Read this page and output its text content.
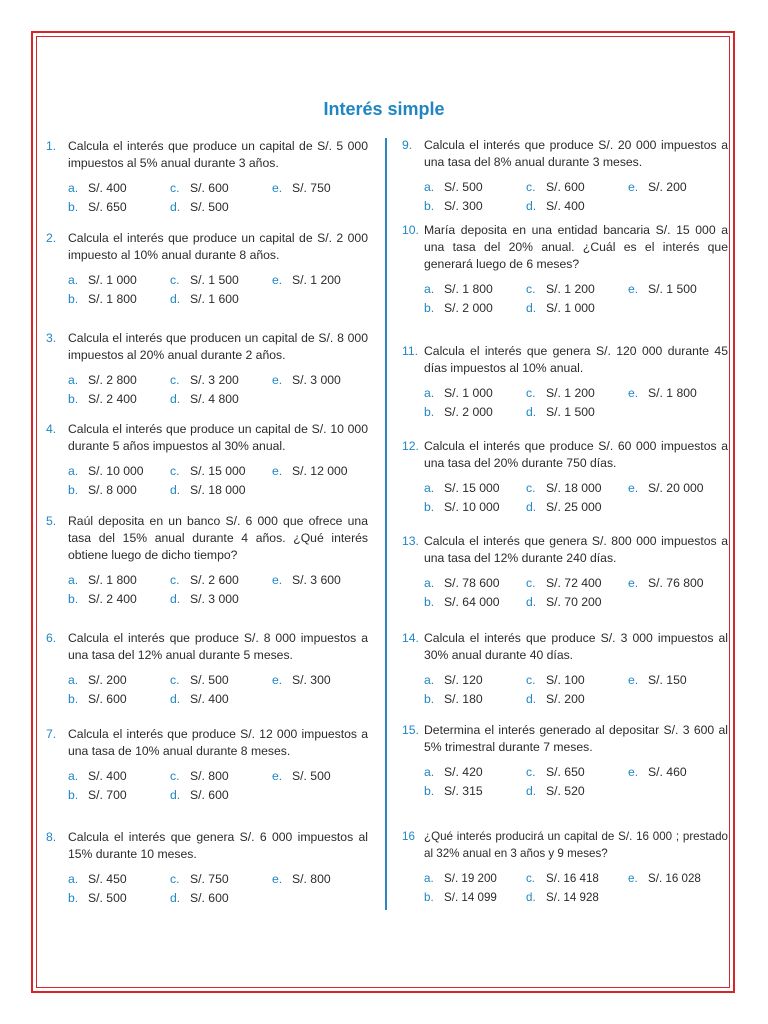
Interés simple
1. Calcula el interés que produce un capital de S/. 5 000 impuestos al 5% anual durante 3 años.
a. S/. 400	c. S/. 600	e. S/. 750
b. S/. 650	d. S/. 500
2. Calcula el interés que produce un capital de S/. 2 000 impuesto al 10% anual durante 8 años.
a. S/. 1 000	c. S/. 1 500	e. S/. 1 200
b. S/. 1 800	d. S/. 1 600
3. Calcula el interés que producen un capital de S/. 8 000 impuestos al 20% anual durante 2 años.
a. S/. 2 800	c. S/. 3 200	e. S/. 3 000
b. S/. 2 400	d. S/. 4 800
4. Calcula el interés que produce un capital de S/. 10 000 durante 5 años impuestos al 30% anual.
a. S/. 10 000	c. S/. 15 000	e. S/. 12 000
b. S/. 8 000	d. S/. 18 000
5. Raúl deposita en un banco S/. 6 000 que ofrece una tasa del 15% anual durante 4 años. ¿Qué interés obtiene luego de dicho tiempo?
a. S/. 1 800	c. S/. 2 600	e. S/. 3 600
b. S/. 2 400	d. S/. 3 000
6. Calcula el interés que produce S/. 8 000 impuestos a una tasa del 12% anual durante 5 meses.
a. S/. 200	c. S/. 500	e. S/. 300
b. S/. 600	d. S/. 400
7. Calcula el interés que produce S/. 12 000 impuestos a una tasa de 10% anual durante 8 meses.
a. S/. 400	c. S/. 800	e. S/. 500
b. S/. 700	d. S/. 600
8. Calcula el interés que genera S/. 6 000 impuestos al 15% durante 10 meses.
a. S/. 450	c. S/. 750	e. S/. 800
b. S/. 500	d. S/. 600
9. Calcula el interés que produce S/. 20 000 impuestos a una tasa del 8% anual durante 3 meses.
a. S/. 500	c. S/. 600	e. S/. 200
b. S/. 300	d. S/. 400
10. María deposita en una entidad bancaria S/. 15 000 a una tasa del 20% anual. ¿Cuál es el interés que generará luego de 6 meses?
a. S/. 1 800	c. S/. 1 200	e. S/. 1 500
b. S/. 2 000	d. S/. 1 000
11. Calcula el interés que genera S/. 120 000 durante 45 días impuestos al 10% anual.
a. S/. 1 000	c. S/. 1 200	e. S/. 1 800
b. S/. 2 000	d. S/. 1 500
12. Calcula el interés que produce S/. 60 000 impuestos a una tasa del 20% durante 750 días.
a. S/. 15 000	c. S/. 18 000	e. S/. 20 000
b. S/. 10 000	d. S/. 25 000
13. Calcula el interés que genera S/. 800 000 impuestos a una tasa del 12% durante 240 días.
a. S/. 78 600	c. S/. 72 400	e. S/. 76 800
b. S/. 64 000	d. S/. 70 200
14. Calcula el interés que produce S/. 3 000 impuestos al 30% anual durante 40 días.
a. S/. 120	c. S/. 100	e. S/. 150
b. S/. 180	d. S/. 200
15. Determina el interés generado al depositar S/. 3 600 al 5% trimestral durante 7 meses.
a. S/. 420	c. S/. 650	e. S/. 460
b. S/. 315	d. S/. 520
16 ¿Qué interés producirá un capital de S/. 16 000 ; prestado al 32% anual en 3 años y 9 meses?
a. S/. 19 200	c. S/. 16 418	e. S/. 16 028
b. S/. 14 099	d. S/. 14 928
